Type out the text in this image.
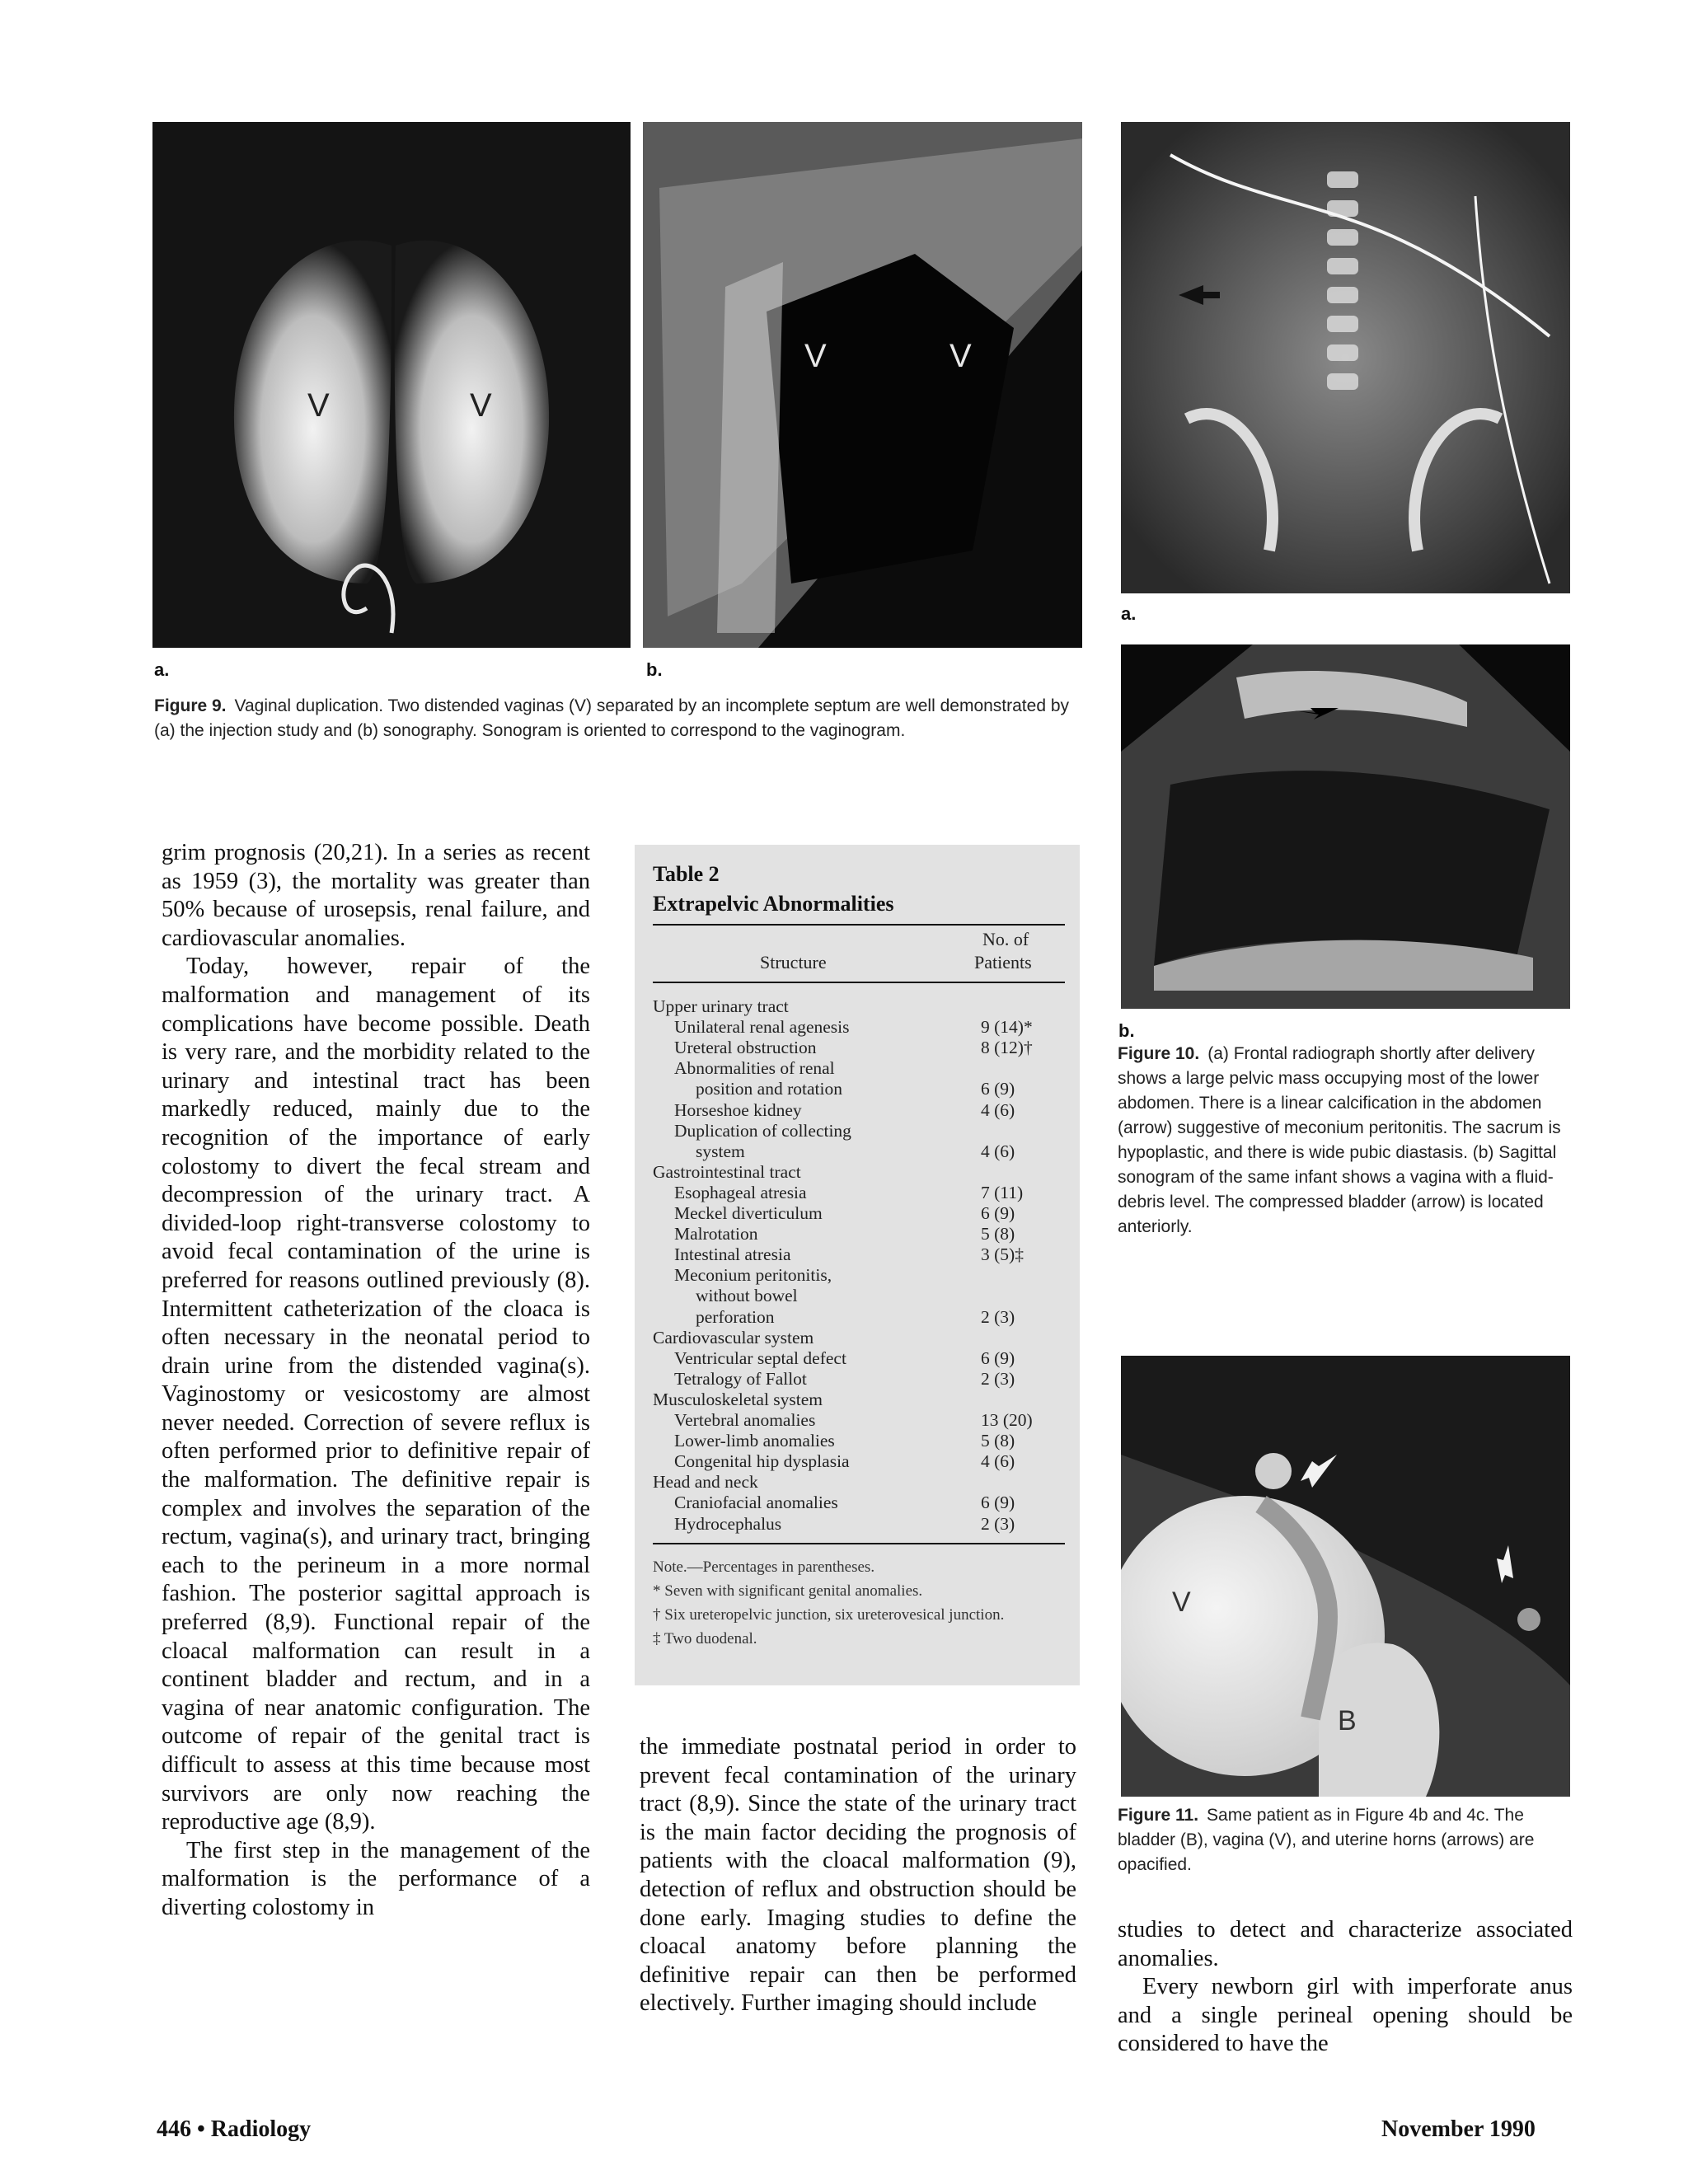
V	V
a.
V	V
b.
Figure 9. Vaginal duplication. Two distended vaginas (V) separated by an incomplete septum are well demonstrated by (a) the injection study and (b) sonography. Sonogram is oriented to correspond to the vaginogram.
a.
b.
Figure 10. (a) Frontal radiograph shortly after delivery shows a large pelvic mass occupying most of the lower abdomen. There is a linear calcification in the abdomen (arrow) suggestive of meconium peritonitis. The sacrum is hypoplastic, and there is wide pubic diastasis. (b) Sagittal sonogram of the same infant shows a vagina with a fluid-debris level. The compressed bladder (arrow) is located anteriorly.
V
B
Figure 11. Same patient as in Figure 4b and 4c. The bladder (B), vagina (V), and uterine horns (arrows) are opacified.

grim prognosis (20,21). In a series as recent as 1959 (3), the mortality was greater than 50% because of urosepsis, renal failure, and cardiovascular anomalies.

Today, however, repair of the malformation and management of its complications have become possible. Death is very rare, and the morbidity related to the urinary and intestinal tract has been markedly reduced, mainly due to the recognition of the importance of early colostomy to divert the fecal stream and decompression of the urinary tract. A divided-loop right-transverse colostomy to avoid fecal contamination of the urine is preferred for reasons outlined previously (8). Intermittent catheterization of the cloaca is often necessary in the neonatal period to drain urine from the distended vagina(s). Vaginostomy or vesicostomy are almost never needed. Correction of severe reflux is often performed prior to definitive repair of the malformation. The definitive repair is complex and involves the separation of the rectum, vagina(s), and urinary tract, bringing each to the perineum in a more normal fashion. The posterior sagittal approach is preferred (8,9). Functional repair of the cloacal malformation can result in a continent bladder and rectum, and in a vagina of near anatomic configuration. The outcome of repair of the genital tract is difficult to assess at this time because most survivors are only now reaching the reproductive age (8,9).

The first step in the management of the malformation is the performance of a diverting colostomy in

Table 2
Extrapelvic Abnormalities
No. of
Patients
Structure
Upper urinary tract
Unilateral renal agenesis	9 (14)*
Ureteral obstruction	8 (12)†
Abnormalities of renal
position and rotation	6 (9)
Horseshoe kidney	4 (6)
Duplication of collecting
system	4 (6)
Gastrointestinal tract
Esophageal atresia	7 (11)
Meckel diverticulum	6 (9)
Malrotation	5 (8)
Intestinal atresia	3 (5)‡
Meconium peritonitis,
without bowel
perforation	2 (3)
Cardiovascular system
Ventricular septal defect	6 (9)
Tetralogy of Fallot	2 (3)
Musculoskeletal system
Vertebral anomalies	13 (20)
Lower-limb anomalies	5 (8)
Congenital hip dysplasia	4 (6)
Head and neck
Craniofacial anomalies	6 (9)
Hydrocephalus	2 (3)
Note.—Percentages in parentheses.
* Seven with significant genital anomalies.
† Six ureteropelvic junction, six ureterovesical junction.
‡ Two duodenal.

the immediate postnatal period in order to prevent fecal contamination of the urinary tract (8,9). Since the state of the urinary tract is the main factor deciding the prognosis of patients with the cloacal malformation (9), detection of reflux and obstruction should be done early. Imaging studies to define the cloacal anatomy before planning the definitive repair can then be performed electively. Further imaging should include

studies to detect and characterize associated anomalies.

Every newborn girl with imperforate anus and a single perineal opening should be considered to have the

446 • Radiology	November 1990
